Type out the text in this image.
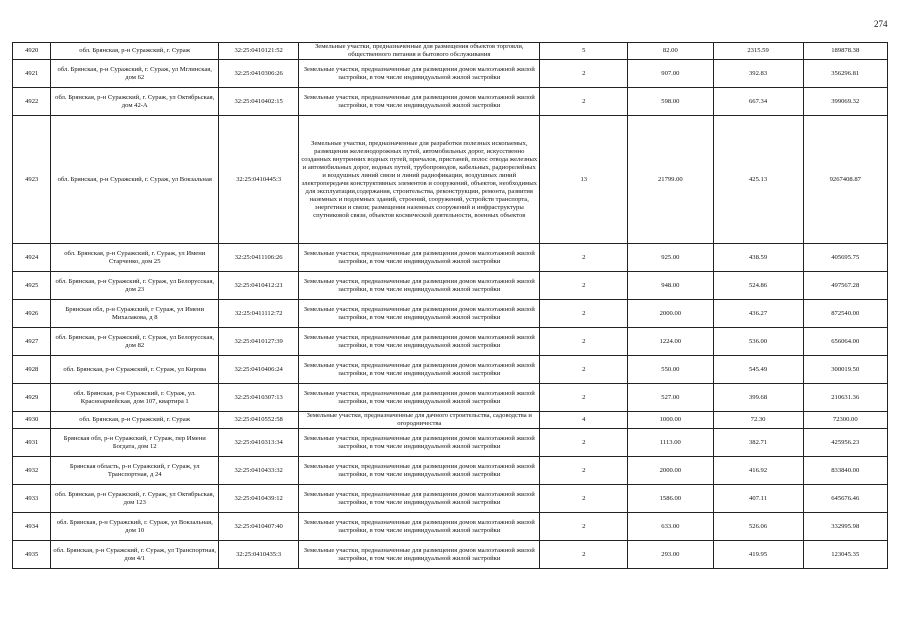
274
4920	обл. Брянская, р-н Суражский, г. Сураж	32:25:0410121:52	Земельные участки, предназначенные для размещения объектов торговли, общественного питания и бытового обслуживания	5	82.00	2315.59	189878.38
4921	обл. Брянская, р-н Суражский, г. Сураж, ул Мглинская, дом 62	32:25:0410306:26	Земельные участки, предназначенные для размещения домов малоэтажной жилой застройки, в том числе индивидуальной жилой застройки	2	907.00	392.83	356296.81
4922	обл. Брянская, р-н Суражский, г. Сураж, ул Октябрьская, дом 42-А	32:25:0410402:15	Земельные участки, предназначенные для размещения домов малоэтажной жилой застройки, в том числе индивидуальной жилой застройки	2	598.00	667.34	399069.32
4923	обл. Брянская, р-н Суражский, г. Сураж, ул Вокзальная	32:25:0410445:3	Земельные участки, предназначенные для разработки полезных ископаемых, размещения железнодорожных путей, автомобильных дорог, искусственно созданных внутренних водных путей, причалов, пристаней, полос отвода железных и автомобильных дорог, водных путей, трубопроводов, кабельных, радиорелейных и воздушных линий связи и линий радиофикации, воздушных линий электропередачи конструктивных элементов и сооружений, объектов, необходимых для эксплуатации,содержания, строительства, реконструкции, ремонта, развития наземных и подземных зданий, строений, сооружений, устройств транспорта, энергетики и связи; размещения наземных сооружений и инфраструктуры спутниковой связи, объектов космической деятельности, военных объектов	13	21799.00	425.13	9267408.87
4924	обл. Брянская, р-н Суражский, г. Сураж, ул Имени Старченко, дом 25	32:25:0411106:26	Земельные участки, предназначенные для размещения домов малоэтажной жилой застройки, в том числе индивидуальной жилой застройки	2	925.00	438.59	405695.75
4925	обл. Брянская, р-н Суражский, г. Сураж, ул Белорусская, дом 23	32:25:0410412:21	Земельные участки, предназначенные для размещения домов малоэтажной жилой застройки, в том числе индивидуальной жилой застройки	2	948.00	524.86	497567.28
4926	Брянская обл, р-н Суражский, г Сураж, ул Имени Михалакова, д 8	32:25:0411112:72	Земельные участки, предназначенные для размещения домов малоэтажной жилой застройки, в том числе индивидуальной жилой застройки	2	2000.00	436.27	872540.00
4927	обл. Брянская, р-н Суражский, г. Сураж, ул Белорусская, дом 82	32:25:0410127:39	Земельные участки, предназначенные для размещения домов малоэтажной жилой застройки, в том числе индивидуальной жилой застройки	2	1224.00	536.00	656064.00
4928	обл. Брянская, р-н Суражский, г. Сураж, ул Кирова	32:25:0410406:24	Земельные участки, предназначенные для размещения домов малоэтажной жилой застройки, в том числе индивидуальной жилой застройки	2	550.00	545.49	300019.50
4929	обл. Брянская, р-н Суражский, г. Сураж, ул. Красноармейская, дом 107, квартира 1	32:25:0410307:13	Земельные участки, предназначенные для размещения домов малоэтажной жилой застройки, в том числе индивидуальной жилой застройки	2	527.00	399.68	210631.36
4930	обл. Брянская, р-н Суражский, г. Сураж	32:25:0410552:58	Земельные участки, предназначенные для дачного строительства, садоводства и огородничества	4	1000.00	72.30	72300.00
4931	Брянская обл, р-н Суражский, г Сураж, пер Имени Богдата, дом 12	32:25:0410313:34	Земельные участки, предназначенные для размещения домов малоэтажной жилой застройки, в том числе индивидуальной жилой застройки	2	1113.00	382.71	425956.23
4932	Брянская область, р-н Суражский, г Сураж, ул Транспортная, д 24	32:25:0410433:32	Земельные участки, предназначенные для размещения домов малоэтажной жилой застройки, в том числе индивидуальной жилой застройки	2	2000.00	416.92	833840.00
4933	обл. Брянская, р-н Суражский, г. Сураж, ул Октябрьская, дом 123	32:25:0410439:12	Земельные участки, предназначенные для размещения домов малоэтажной жилой застройки, в том числе индивидуальной жилой застройки	2	1586.00	407.11	645676.46
4934	обл. Брянская, р-н Суражский, г. Сураж, ул Вокзальная, дом 10	32:25:0410407:40	Земельные участки, предназначенные для размещения домов малоэтажной жилой застройки, в том числе индивидуальной жилой застройки	2	633.00	526.06	332995.98
4935	обл. Брянская, р-н Суражский, г. Сураж, ул Транспортная, дом 4/1	32:25:0410435:3	Земельные участки, предназначенные для размещения домов малоэтажной жилой застройки, в том числе индивидуальной жилой застройки	2	293.00	419.95	123045.35
